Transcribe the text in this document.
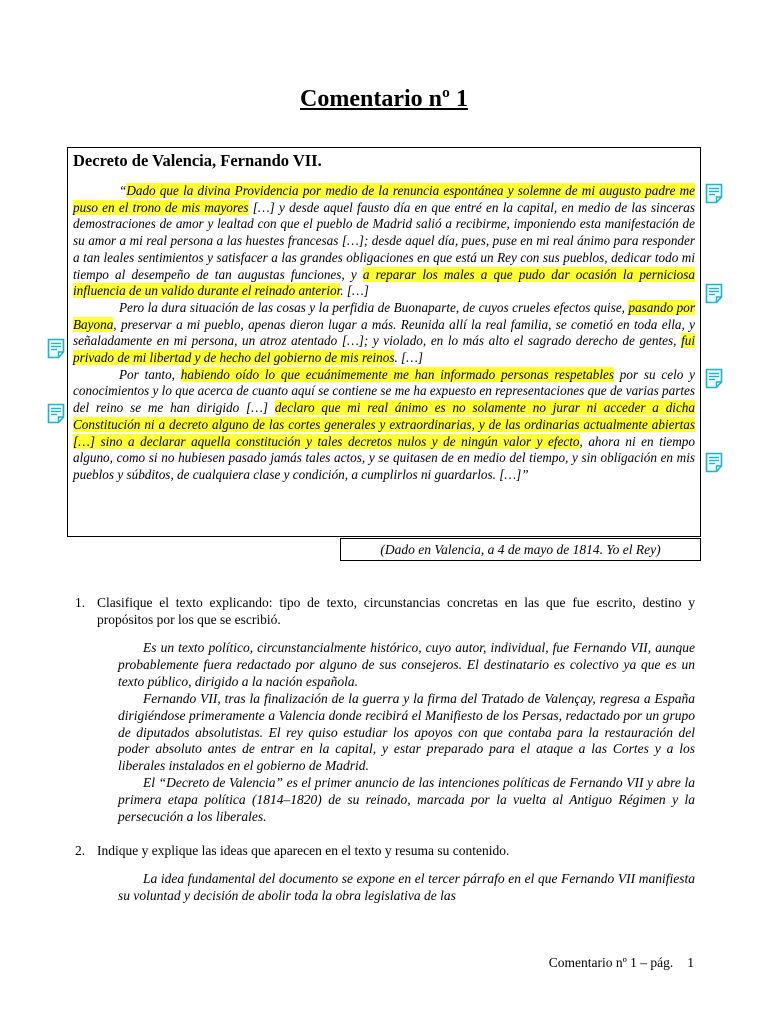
Comentario nº 1
Decreto de Valencia, Fernando VII.

“Dado que la divina Providencia por medio de la renuncia espontánea y solemne de mi augusto padre me puso en el trono de mis mayores […] y desde aquel fausto día en que entré en la capital, en medio de las sinceras demostraciones de amor y lealtad con que el pueblo de Madrid salió a recibirme, imponiendo esta manifestación de su amor a mi real persona a las huestes francesas […]; desde aquel día, pues, puse en mi real ánimo para responder a tan leales sentimientos y satisfacer a las grandes obligaciones en que está un Rey con sus pueblos, dedicar todo mi tiempo al desempeño de tan augustas funciones, y a reparar los males a que pudo dar ocasión la perniciosa influencia de un valido durante el reinado anterior. […]

Pero la dura situación de las cosas y la perfidia de Buonaparte, de cuyos crueles efectos quise, pasando por Bayona, preservar a mi pueblo, apenas dieron lugar a más. Reunida allí la real familia, se cometió en toda ella, y señaladamente en mi persona, un atroz atentado […]; y violado, en lo más alto el sagrado derecho de gentes, fui privado de mi libertad y de hecho del gobierno de mis reinos. […]

Por tanto, habiendo oído lo que ecuánimemente me han informado personas respetables por su celo y conocimientos y lo que acerca de cuanto aquí se contiene se me ha expuesto en representaciones que de varias partes del reino se me han dirigido […] declaro que mi real ánimo es no solamente no jurar ni acceder a dicha Constitución ni a decreto alguno de las cortes generales y extraordinarias, y de las ordinarias actualmente abiertas […] sino a declarar aquella constitución y tales decretos nulos y de ningún valor y efecto, ahora ni en tiempo alguno, como si no hubiesen pasado jamás tales actos, y se quitasen de en medio del tiempo, y sin obligación en mis pueblos y súbditos, de cualquiera clase y condición, a cumplirlos ni guardarlos. […]”

(Dado en Valencia, a 4 de mayo de 1814. Yo el Rey)
1. Clasifique el texto explicando: tipo de texto, circunstancias concretas en las que fue escrito, destino y propósitos por los que se escribió.

Es un texto político, circunstancialmente histórico, cuyo autor, individual, fue Fernando VII, aunque probablemente fuera redactado por alguno de sus consejeros. El destinatario es colectivo ya que es un texto público, dirigido a la nación española.

Fernando VII, tras la finalización de la guerra y la firma del Tratado de Valençay, regresa a España dirigiéndose primeramente a Valencia donde recibirá el Manifiesto de los Persas, redactado por un grupo de diputados absolutistas. El rey quiso estudiar los apoyos con que contaba para la restauración del poder absoluto antes de entrar en la capital, y estar preparado para el ataque a las Cortes y a los liberales instalados en el gobierno de Madrid.

El “Decreto de Valencia” es el primer anuncio de las intenciones políticas de Fernando VII y abre la primera etapa política (1814–1820) de su reinado, marcada por la vuelta al Antiguo Régimen y la persecución a los liberales.

2. Indique y explique las ideas que aparecen en el texto y resuma su contenido.

La idea fundamental del documento se expone en el tercer párrafo en el que Fernando VII manifiesta su voluntad y decisión de abolir toda la obra legislativa de las

Comentario nº 1 – pág. 1
